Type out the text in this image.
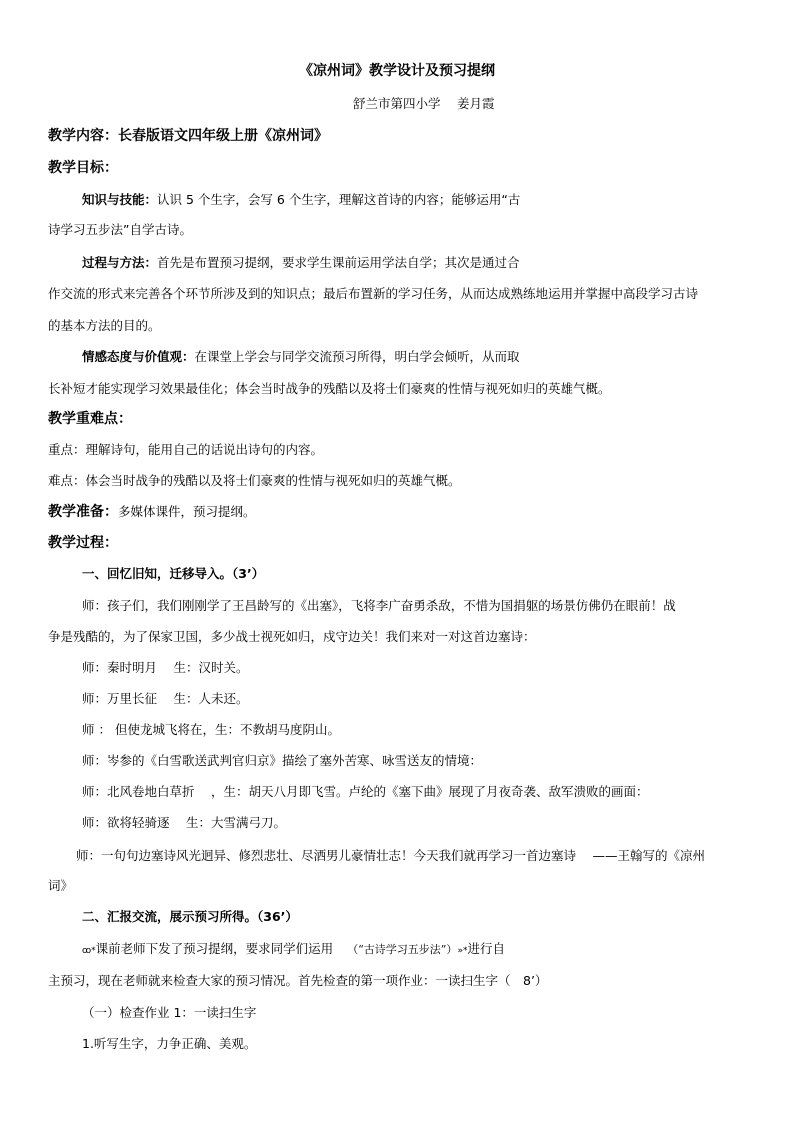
《凉州词》教学设计及预习提纲
舒兰市第四小学　 姜月霞
教学内容：长春版语文四年级上册《凉州词》
教学目标：
知识与技能：认识 5 个生字，会写 6 个生字，理解这首诗的内容；能够运用“古
诗学习五步法”自学古诗。
过程与方法：首先是布置预习提纲，要求学生课前运用学法自学；其次是通过合
作交流的形式来完善各个环节所涉及到的知识点；最后布置新的学习任务，从而达成熟练地运用并掌握中高段学习古诗
的基本方法的目的。
情感态度与价值观：在课堂上学会与同学交流预习所得，明白学会倾听，从而取
长补短才能实现学习效果最佳化；体会当时战争的残酷以及将士们豪爽的性情与视死如归的英雄气概。
教学重难点：
重点：理解诗句，能用自己的话说出诗句的内容。
难点：体会当时战争的残酷以及将士们豪爽的性情与视死如归的英雄气概。
教学准备：多媒体课件，预习提纲。
教学过程：
一、回忆旧知，迁移导入。（3’）
师：孩子们，我们刚刚学了王昌龄写的《出塞》，飞将李广奋勇杀敌，不惜为国捐躯的场景仿佛仍在眼前！战
争是残酷的，为了保家卫国，多少战士视死如归，戍守边关！我们来对一对这首边塞诗：
师：秦时明月　 生：汉时关。
师：万里长征　 生：人未还。
师 ： 但使龙城飞将在，生：不教胡马度阴山。
师：岑参的《白雪歌送武判官归京》描绘了塞外苦寒、咏雪送友的情境：
师：北风卷地白草折　 ，生：胡天八月即飞雪。卢纶的《塞下曲》展现了月夜奇袭、敌军溃败的画面：
师：欲将轻骑逐　 生：大雪满弓刀。
师：一句句边塞诗风光迥异、修烈悲壮、尽洒男儿豪情壮志！今天我们就再学习一首边塞诗　 ——王翰写的《凉州
词》
二、汇报交流，展示预习所得。（36’）
ꝏ*课前老师下发了预习提纲，要求同学们运用 （“古诗学习五步法”）»*进行自
主预习，现在老师就来检查大家的预习情况。首先检查的第一项作业：一读扫生字（　8’）
（一）检查作业 1：一读扫生字
1.听写生字，力争正确、美观。
